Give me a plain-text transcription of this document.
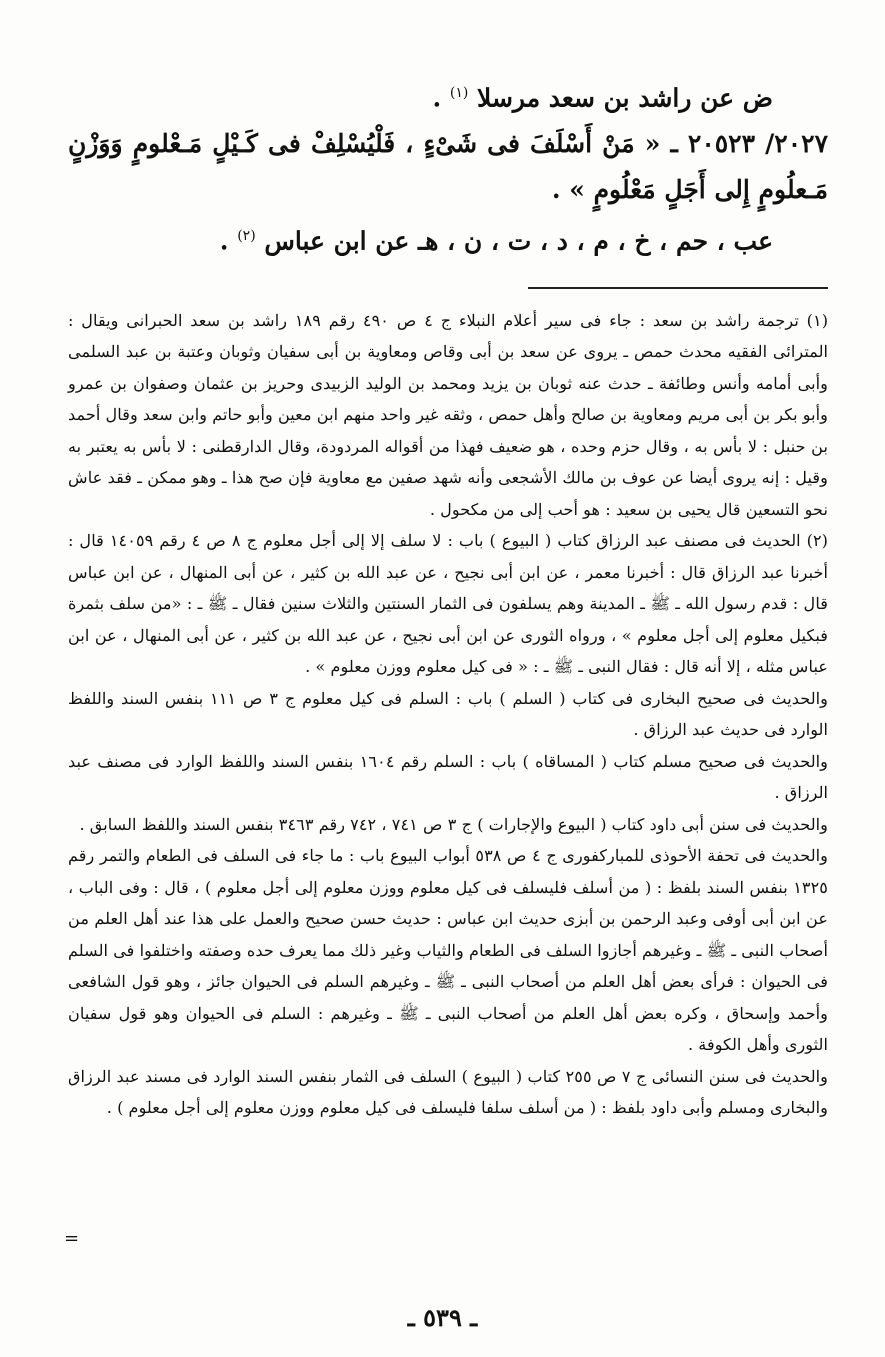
ض عن راشد بن سعد مرسلا $^{(١)}$ .

٢٠٢٧/ ٢٠٥٢٣ ـ « مَنْ أَسْلَفَ فى شَىْءٍ ، فَلْيُسْلِفْ فى كَـيْلٍ مَـعْلومٍ وَوَزْنٍ مَـعلُومٍ إِلى أَجَلٍ مَعْلُومٍ » .

عب ، حم ، خ ، م ، د ، ت ، ن ، هـ عن ابن عباس $^{(٢)}$ .

(١) ترجمة راشد بن سعد : جاء فى سير أعلام النبلاء ج ٤ ص ٤٩٠ رقم ١٨٩ راشد بن سعد الحبرانى ويقال : المترائى الفقيه محدث حمص ـ يروى عن سعد بن أبى وقاص ومعاوية بن أبى سفيان وثوبان وعتبة بن عبد السلمى وأبى أمامه وأنس وطائفة ـ حدث عنه ثوبان بن يزيد ومحمد بن الوليد الزبيدى وحريز بن عثمان وصفوان بن عمرو وأبو بكر بن أبى مريم ومعاوية بن صالح وأهل حمص ، وثقه غير واحد منهم ابن معين وأبو حاتم وابن سعد وقال أحمد بن حنبل : لا بأس به ، وقال حزم وحده ، هو ضعيف فهذا من أقواله المردودة، وقال الدارقطنى : لا بأس به يعتبر به وقيل : إنه يروى أيضا عن عوف بن مالك الأشجعى وأنه شهد صفين مع معاوية فإن صح هذا ـ وهو ممكن ـ فقد عاش نحو التسعين قال يحيى بن سعيد : هو أحب إلى من مكحول .

(٢) الحديث فى مصنف عبد الرزاق كتاب ( البيوع ) باب : لا سلف إلا إلى أجل معلوم ج ٨ ص ٤ رقم ١٤٠٥٩ قال : أخبرنا عبد الرزاق قال : أخبرنا معمر ، عن ابن أبى نجيح ، عن عبد الله بن كثير ، عن أبى المنهال ، عن ابن عباس قال : قدم رسول الله ـ ﷺ ـ المدينة وهم يسلفون فى الثمار السنتين والثلاث سنين فقال ـ ﷺ ـ : «من سلف بثمرة فبكيل معلوم إلى أجل معلوم » ، ورواه الثورى عن ابن أبى نجيح ، عن عبد الله بن كثير ، عن أبى المنهال ، عن ابن عباس مثله ، إلا أنه قال : فقال النبى ـ ﷺ ـ : « فى كيل معلوم ووزن معلوم » .

والحديث فى صحيح البخارى فى كتاب ( السلم ) باب : السلم فى كيل معلوم ج ٣ ص ١١١ بنفس السند واللفظ الوارد فى حديث عبد الرزاق .

والحديث فى صحيح مسلم كتاب ( المساقاه ) باب : السلم رقم ١٦٠٤ بنفس السند واللفظ الوارد فى مصنف عبد الرزاق .

والحديث فى سنن أبى داود كتاب ( البيوع والإجارات ) ج ٣ ص ٧٤١ ، ٧٤٢ رقم ٣٤٦٣ بنفس السند واللفظ السابق .

والحديث فى تحفة الأحوذى للمباركفورى ج ٤ ص ٥٣٨ أبواب البيوع باب : ما جاء فى السلف فى الطعام والتمر رقم ١٣٢٥ بنفس السند بلفظ : ( من أسلف فليسلف فى كيل معلوم ووزن معلوم إلى أجل معلوم ) ، قال : وفى الباب ، عن ابن أبى أوفى وعبد الرحمن بن أبزى حديث ابن عباس : حديث حسن صحيح والعمل على هذا عند أهل العلم من أصحاب النبى ـ ﷺ ـ وغيرهم أجازوا السلف فى الطعام والثياب وغير ذلك مما يعرف حده وصفته واختلفوا فى السلم فى الحيوان : فرأى بعض أهل العلم من أصحاب النبى ـ ﷺ ـ وغيرهم السلم فى الحيوان جائز ، وهو قول الشافعى وأحمد وإسحاق ، وكره بعض أهل العلم من أصحاب النبى ـ ﷺ ـ وغيرهم : السلم فى الحيوان وهو قول سفيان الثورى وأهل الكوفة .

والحديث فى سنن النسائى ج ٧ ص ٢٥٥ كتاب ( البيوع ) السلف فى الثمار بنفس السند الوارد فى مسند عبد الرزاق والبخارى ومسلم وأبى داود بلفظ : ( من أسلف سلفا فليسلف فى كيل معلوم ووزن معلوم إلى أجل معلوم ) .

=
ـ ٥٣٩ ـ
